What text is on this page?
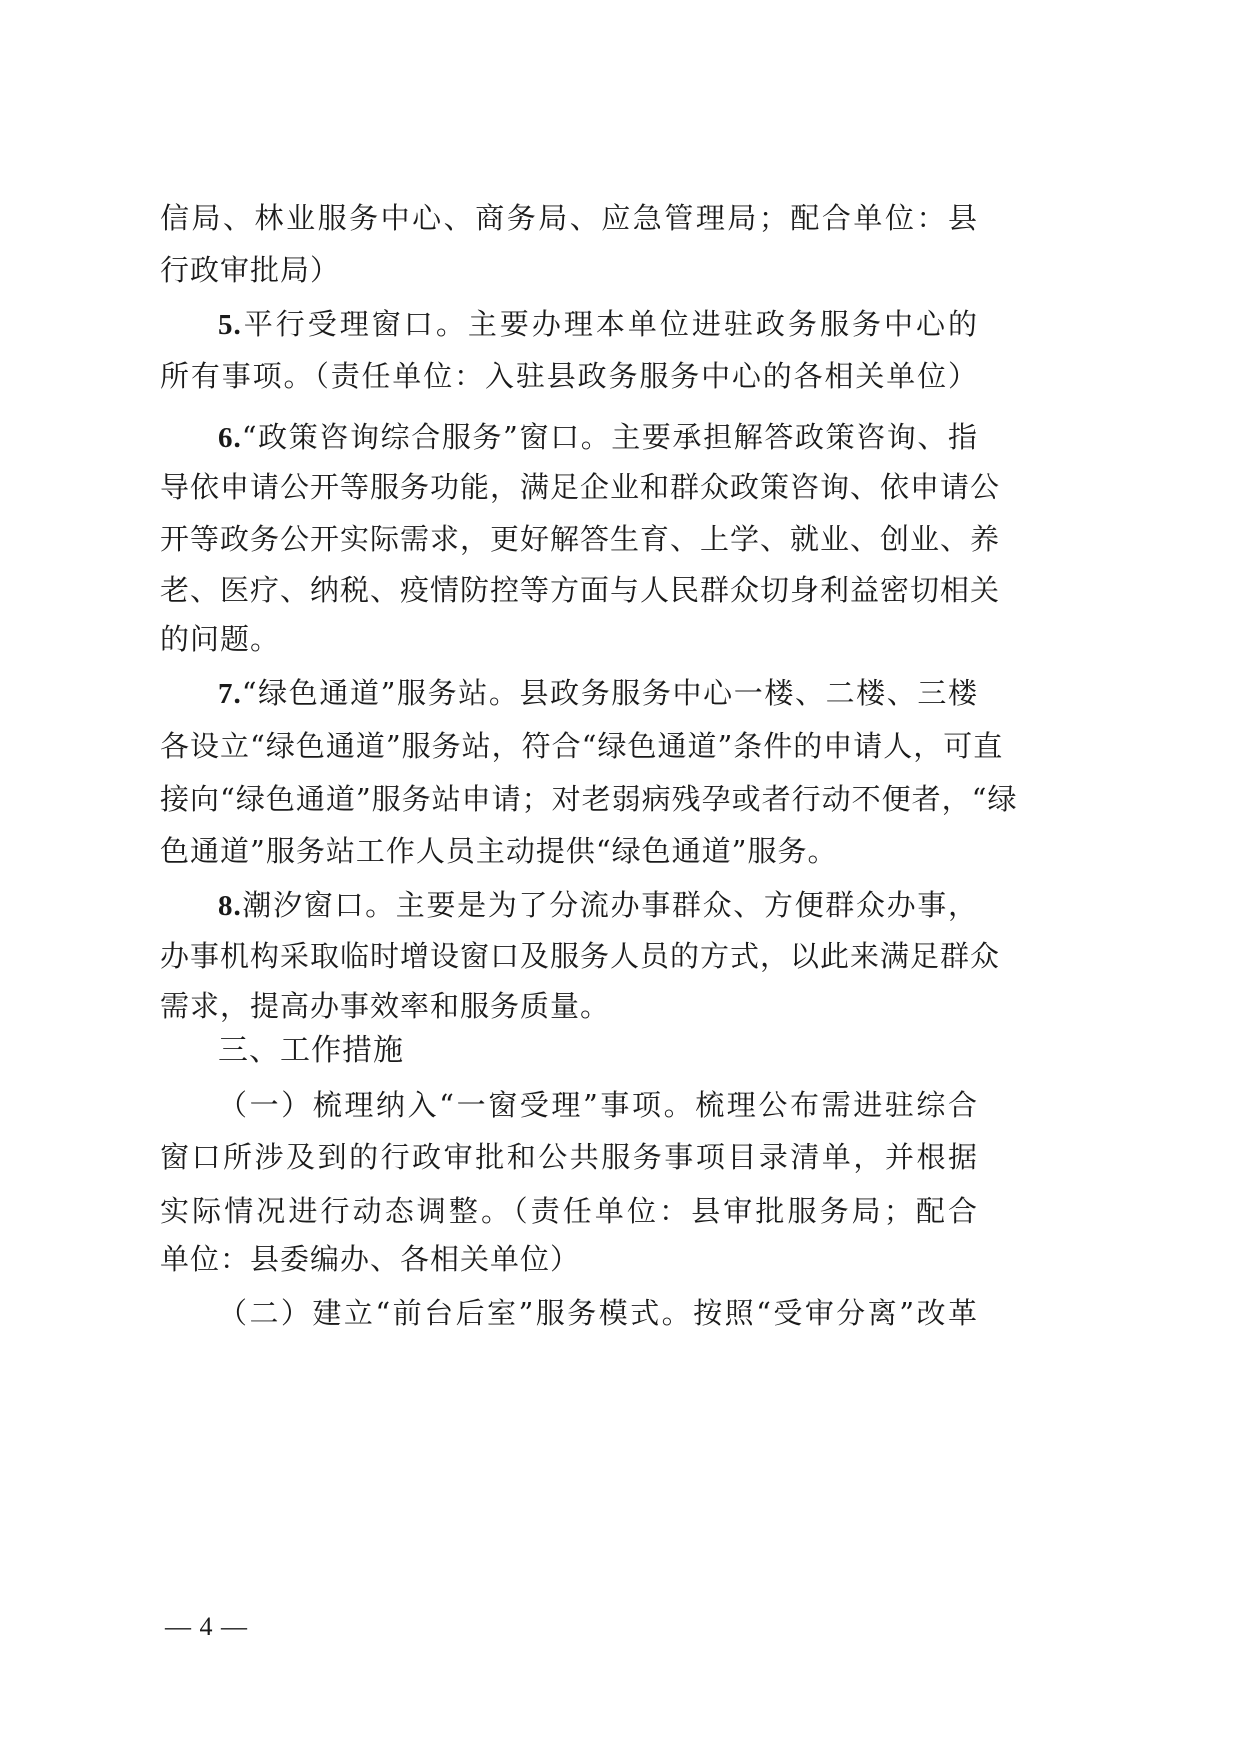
信局、林业服务中心、商务局、应急管理局；配合单位：县
行政审批局）
5.平行受理窗口。主要办理本单位进驻政务服务中心的
所有事项。（责任单位：入驻县政务服务中心的各相关单位）
6.“政策咨询综合服务”窗口。主要承担解答政策咨询、指
导依申请公开等服务功能，满足企业和群众政策咨询、依申请公
开等政务公开实际需求，更好解答生育、上学、就业、创业、养
老、医疗、纳税、疫情防控等方面与人民群众切身利益密切相关
的问题。
7.“绿色通道”服务站。县政务服务中心一楼、二楼、三楼
各设立“绿色通道”服务站，符合“绿色通道”条件的申请人，可直
接向“绿色通道”服务站申请；对老弱病残孕或者行动不便者，“绿
色通道”服务站工作人员主动提供“绿色通道”服务。
8.潮汐窗口。主要是为了分流办事群众、方便群众办事，
办事机构采取临时增设窗口及服务人员的方式，以此来满足群众
需求，提高办事效率和服务质量。
三、工作措施
（一）梳理纳入“一窗受理”事项。梳理公布需进驻综合
窗口所涉及到的行政审批和公共服务事项目录清单，并根据
实际情况进行动态调整。（责任单位：县审批服务局；配合
单位：县委编办、各相关单位）
（二）建立“前台后室”服务模式。按照“受审分离”改革
— 4 —
